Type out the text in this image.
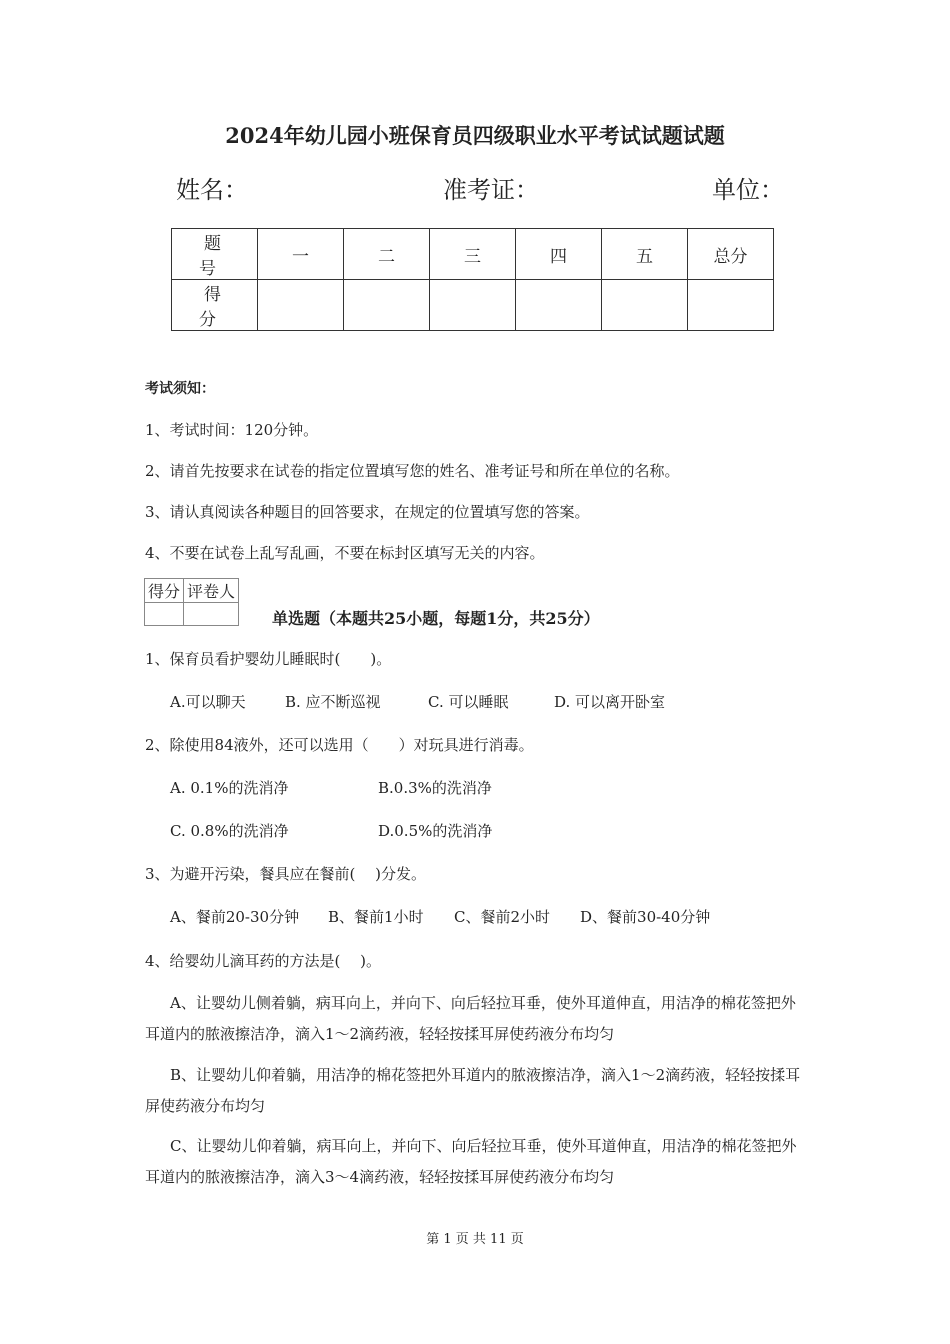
2024年幼儿园小班保育员四级职业水平考试试题试题
姓名：	准考证：	单位：
题　号	一	二	三	四	五	总分
得　分						
考试须知：
1、考试时间：120分钟。
2、请首先按要求在试卷的指定位置填写您的姓名、准考证号和所在单位的名称。
3、请认真阅读各种题目的回答要求，在规定的位置填写您的答案。
4、不要在试卷上乱写乱画，不要在标封区填写无关的内容。
得分	评卷人

单选题（本题共25小题，每题1分，共25分）
1、保育员看护婴幼儿睡眠时(　　)。
A.可以聊天	B. 应不断巡视	C. 可以睡眠	D. 可以离开卧室
2、除使用84液外，还可以选用（　　）对玩具进行消毒。
A. 0.1%的洗消净	B.0.3%的洗消净
C. 0.8%的洗消净	D.0.5%的洗消净
3、为避开污染，餐具应在餐前(　 )分发。
A、餐前20-30分钟 B、餐前1小时 C、餐前2小时 D、餐前30-40分钟
4、给婴幼儿滴耳药的方法是(　 )。
A、让婴幼儿侧着躺，病耳向上，并向下、向后轻拉耳垂，使外耳道伸直，用洁净的棉花签把外耳道内的脓液擦洁净，滴入1～2滴药液，轻轻按揉耳屏使药液分布均匀
B、让婴幼儿仰着躺，用洁净的棉花签把外耳道内的脓液擦洁净，滴入1～2滴药液，轻轻按揉耳屏使药液分布均匀
C、让婴幼儿仰着躺，病耳向上，并向下、向后轻拉耳垂，使外耳道伸直，用洁净的棉花签把外耳道内的脓液擦洁净，滴入3～4滴药液，轻轻按揉耳屏使药液分布均匀
第 1 页 共 11 页
